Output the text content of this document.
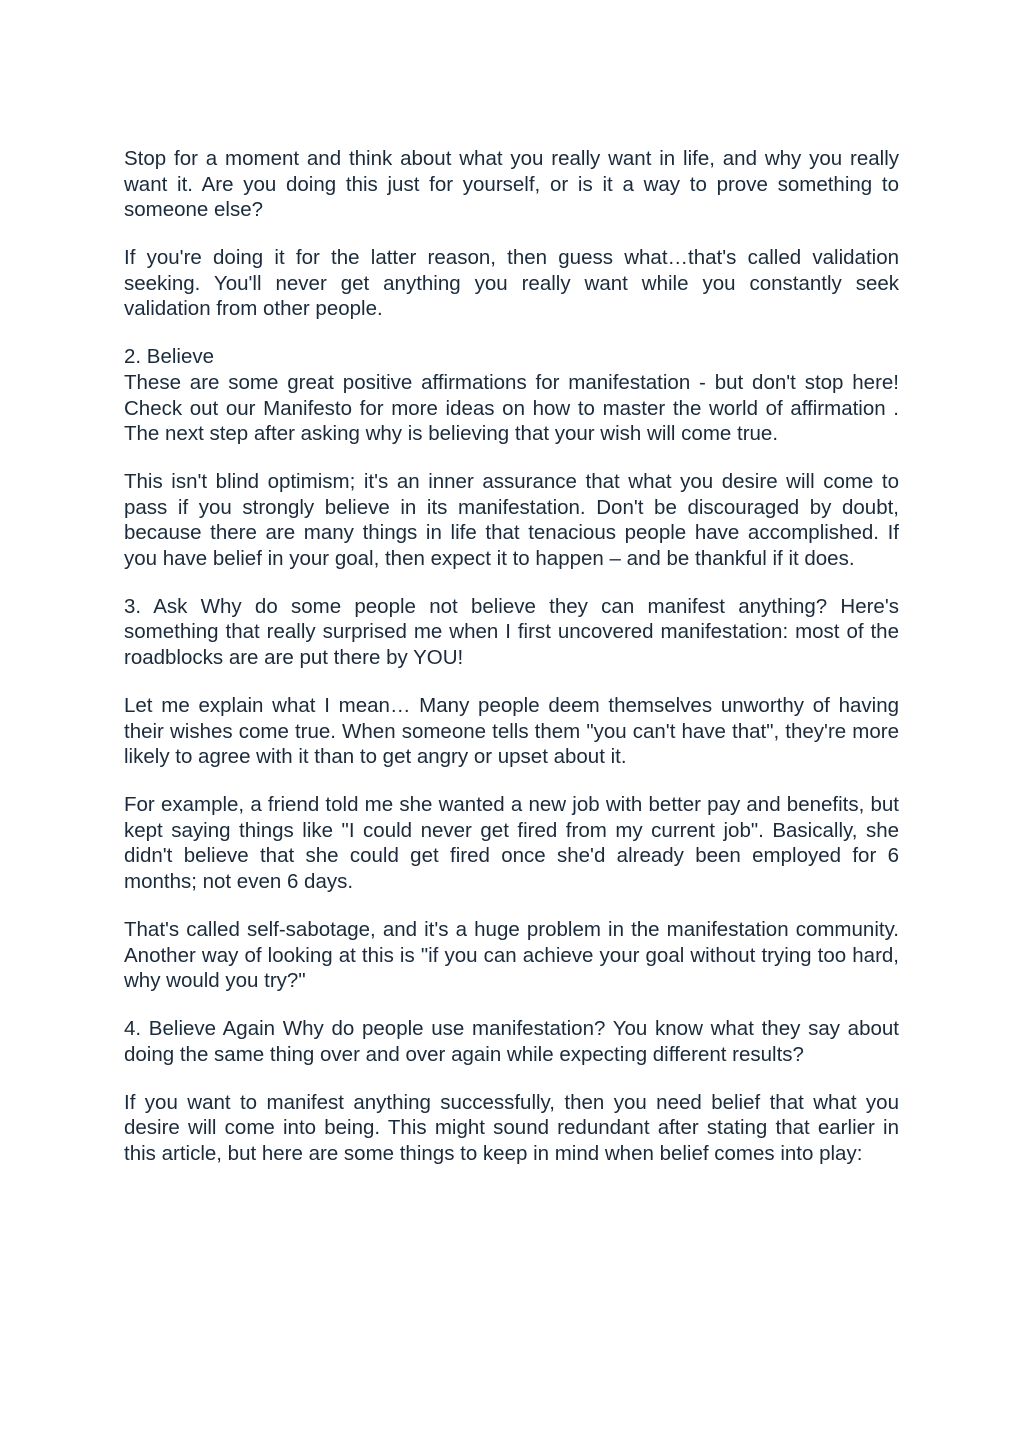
Stop for a moment and think about what you really want in life, and why you really want it. Are you doing this just for yourself, or is it a way to prove something to someone else?

If you're doing it for the latter reason, then guess what…that's called validation seeking. You'll never get anything you really want while you constantly seek validation from other people.

2. Believe
These are some great positive affirmations for manifestation - but don't stop here! Check out our Manifesto for more ideas on how to master the world of affirmation . The next step after asking why is believing that your wish will come true.

This isn't blind optimism; it's an inner assurance that what you desire will come to pass if you strongly believe in its manifestation. Don't be discouraged by doubt, because there are many things in life that tenacious people have accomplished. If you have belief in your goal, then expect it to happen – and be thankful if it does.

3. Ask Why do some people not believe they can manifest anything? Here's something that really surprised me when I first uncovered manifestation: most of the roadblocks are are put there by YOU!

Let me explain what I mean… Many people deem themselves unworthy of having their wishes come true. When someone tells them "you can't have that", they're more likely to agree with it than to get angry or upset about it.

For example, a friend told me she wanted a new job with better pay and benefits, but kept saying things like "I could never get fired from my current job". Basically, she didn't believe that she could get fired once she'd already been employed for 6 months; not even 6 days.

That's called self-sabotage, and it's a huge problem in the manifestation community. Another way of looking at this is "if you can achieve your goal without trying too hard, why would you try?"

4. Believe Again Why do people use manifestation? You know what they say about doing the same thing over and over again while expecting different results?

If you want to manifest anything successfully, then you need belief that what you desire will come into being. This might sound redundant after stating that earlier in this article, but here are some things to keep in mind when belief comes into play:
